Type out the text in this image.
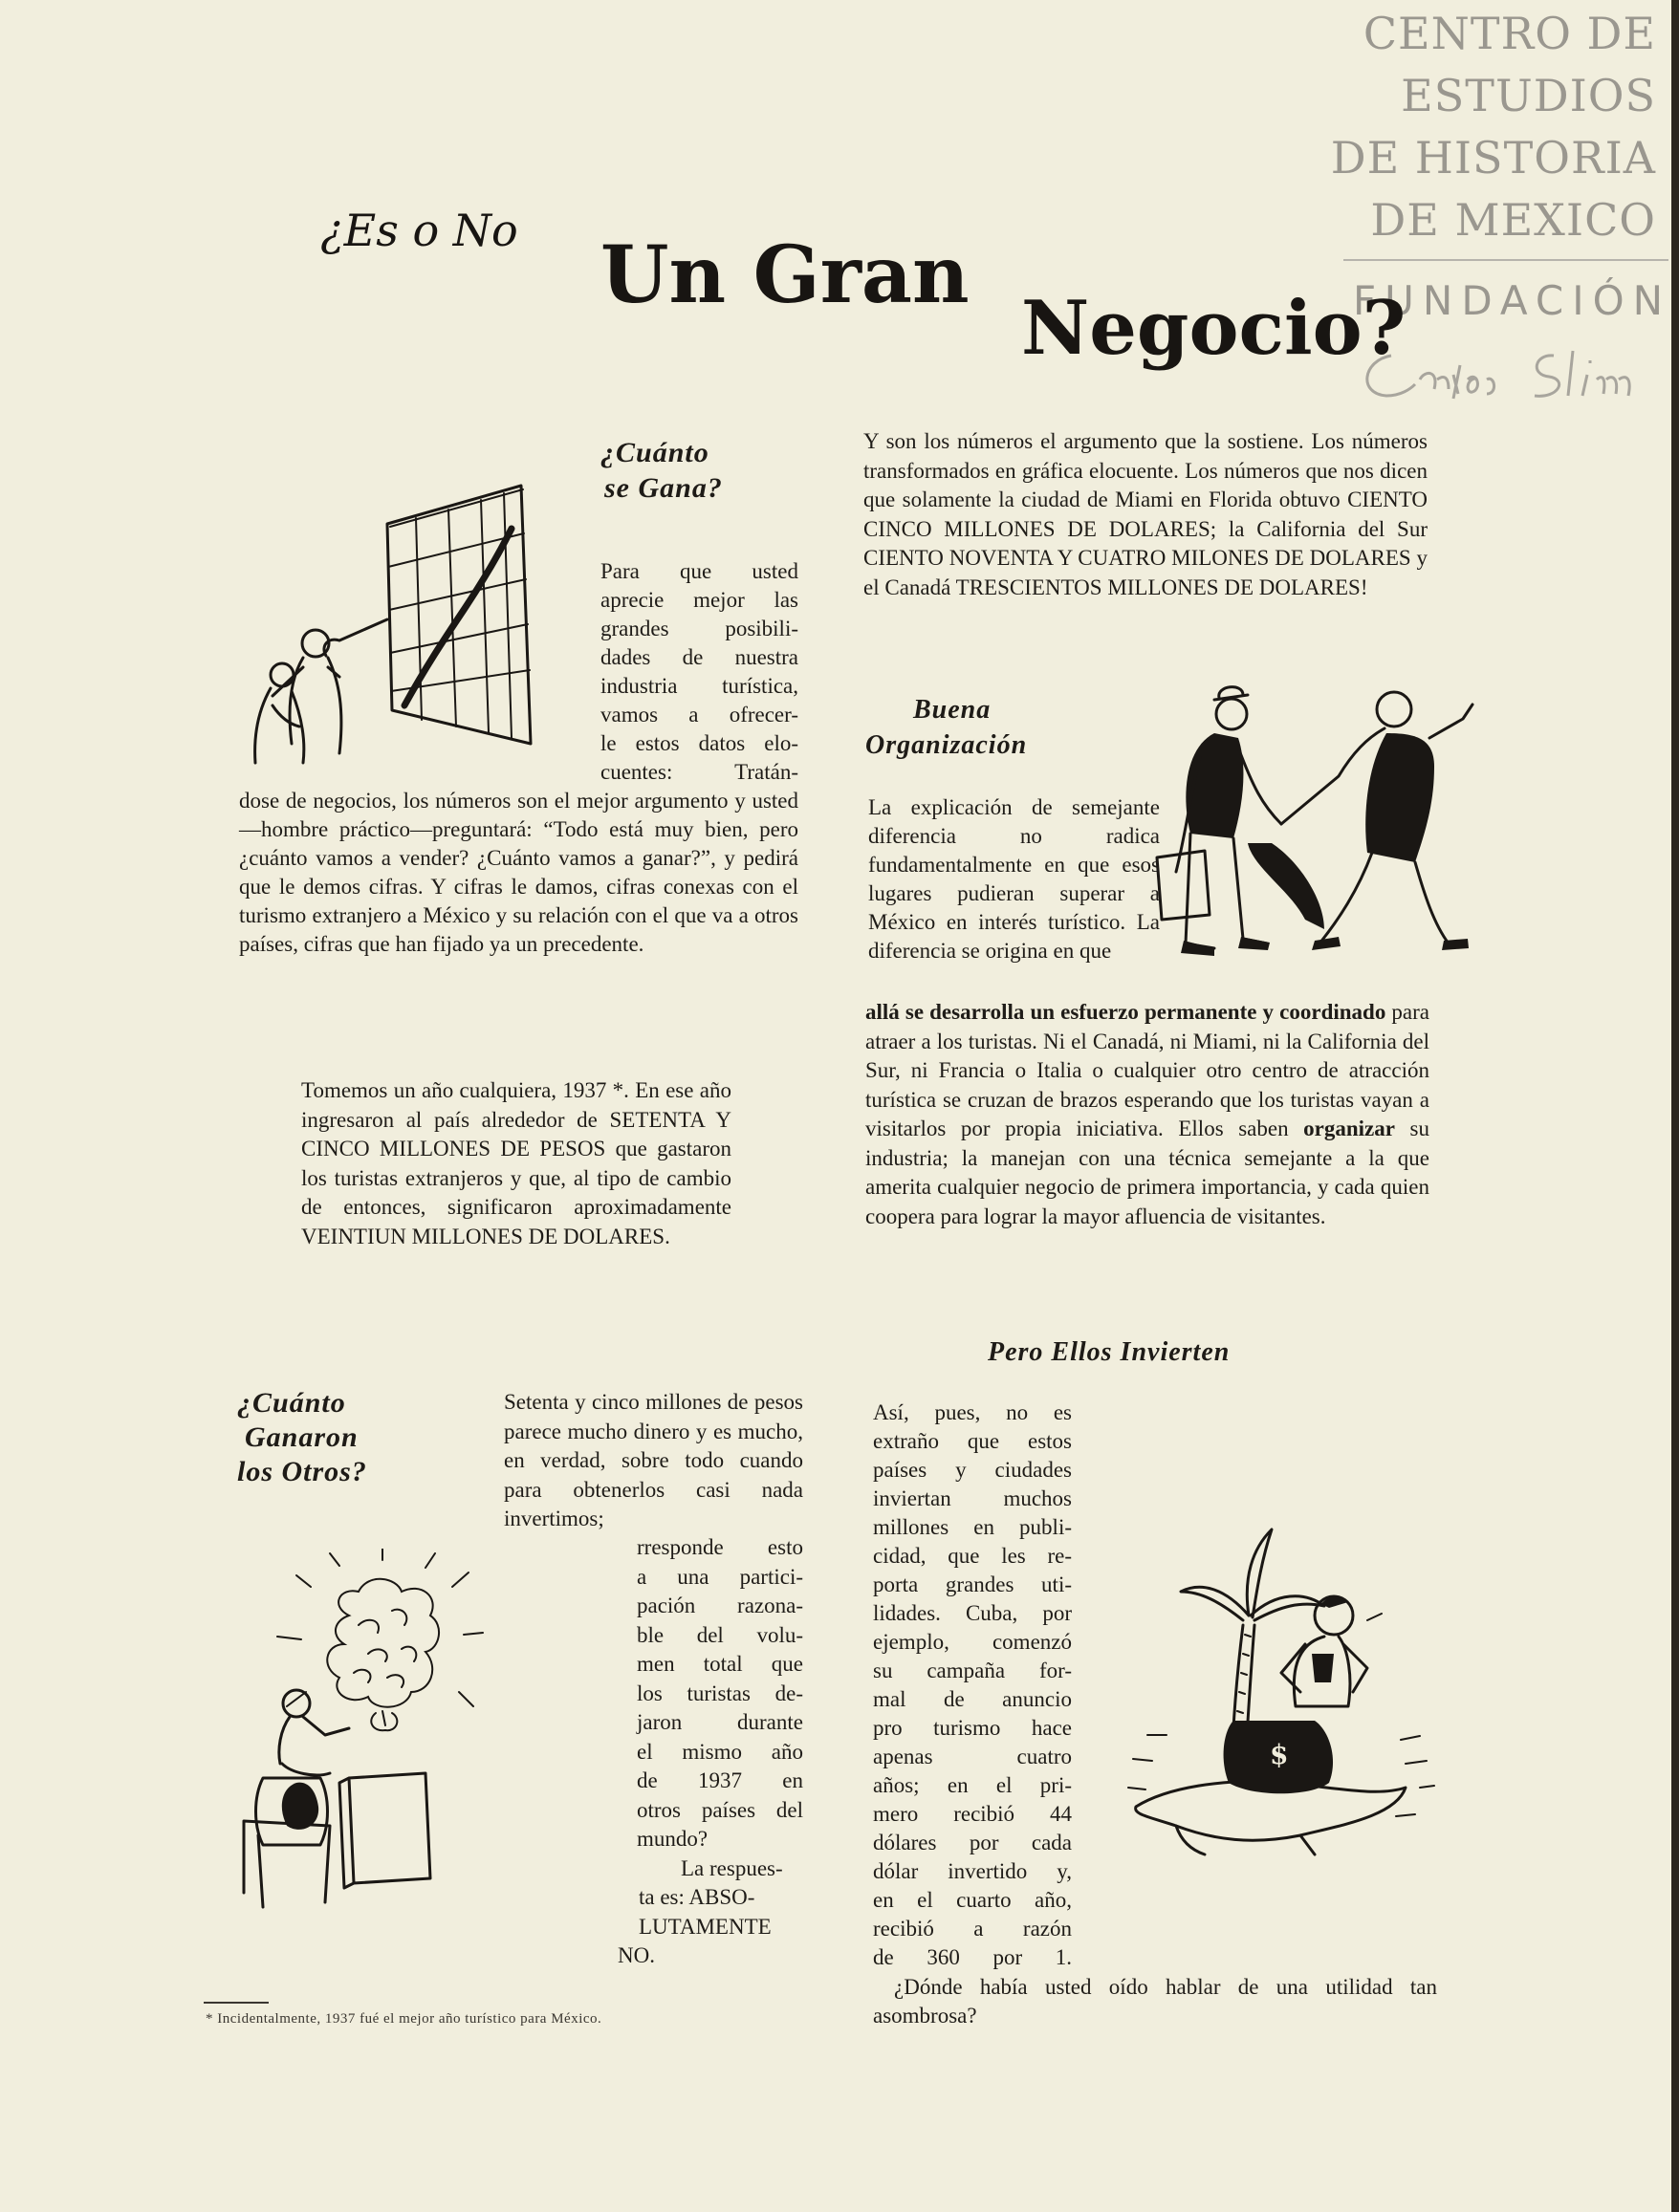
CENTRO DE
ESTUDIOS
DE HISTORIA
DE MEXICO
FUNDACIÓN
¿Es o No Un Gran
Negocio?
¿Cuánto
se Gana?
Para que usted
aprecie mejor las
grandes posibili-
dades de nuestra
industria turística,
vamos a ofrecer-
le estos datos elo-
cuentes: Tratán-

dose de negocios, los números son el mejor argumento y usted—hombre práctico—preguntará: “Todo está muy bien, pero ¿cuánto vamos a vender? ¿Cuánto vamos a ganar?”, y pedirá que le demos cifras. Y cifras le damos, cifras conexas con el turismo extranjero a México y su relación con el que va a otros países, cifras que han fijado ya un precedente.

Tomemos un año cualquiera, 1937 *. En ese año ingresaron al país alrededor de SETENTA Y CINCO MILLONES DE PESOS que gastaron los turistas extranjeros y que, al tipo de cambio de entonces, significaron aproximadamente VEINTIUN MILLONES DE DOLARES.

¿Cuánto
Ganaron
los Otros?

Setenta y cinco millones de pesos parece mucho dinero y es mucho, en verdad, sobre todo cuando para obtenerlos casi nada invertimos;

rresponde esto
a una partici-
pación razona-
ble del volu-
men total que
los turistas de-
jaron durante
el mismo año
de 1937 en
otros países del
mundo?
La respues-
ta es: ABSO-
LUTAMENTE
NO.
* Incidentalmente, 1937 fué el mejor año turístico para México.

Y son los números el argumento que la sostiene. Los números transformados en gráfica elocuente. Los números que nos dicen que solamente la ciudad de Miami en Florida obtuvo CIENTO CINCO MILLONES DE DOLARES; la California del Sur CIENTO NOVENTA Y CUATRO MILONES DE DOLARES y el Canadá TRESCIENTOS MILLONES DE DOLARES!

Buena
Organización
La explicación de semejante diferencia no radica fundamentalmente en que esos lugares pudieran superar a México en interés turístico. La diferencia se origina en que

allá se desarrolla un esfuerzo permanente y coordinado para atraer a los turistas. Ni el Canadá, ni Miami, ni la California del Sur, ni Francia o Italia o cualquier otro centro de atracción turística se cruzan de brazos esperando que los turistas vayan a visitarlos por propia iniciativa. Ellos saben organizar su industria; la manejan con una técnica semejante a la que amerita cualquier negocio de primera importancia, y cada quien coopera para lograr la mayor afluencia de visitantes.

Pero Ellos Invierten
Así, pues, no es
extraño que estos
países y ciudades
inviertan muchos
millones en publi-
cidad, que les re-
porta grandes uti-
lidades. Cuba, por
ejemplo, comenzó
su campaña for-
mal de anuncio
pro turismo hace
apenas cuatro
años; en el pri-
mero recibió 44
dólares por cada
dólar invertido y,
en el cuarto año,
recibió a razón
de 360 por 1.

¿Dónde había usted oído hablar de una utilidad tan asombrosa?

$
